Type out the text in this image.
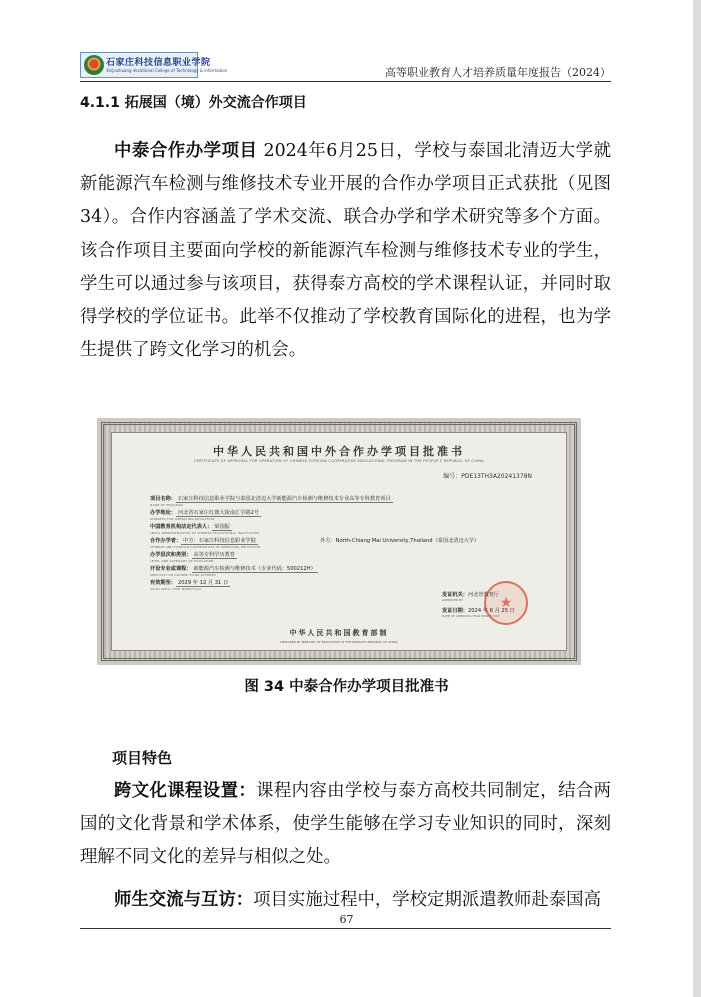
石家庄科技信息职业学院
Shijiazhuang Vocational College of Technology & Information	高等职业教育人才培养质量年度报告（2024）
4.1.1 拓展国（境）外交流合作项目
中泰合作办学项目 2024年6月25日，学校与泰国北清迈大学就新能源汽车检测与维修技术专业开展的合作办学项目正式获批（见图34）。合作内容涵盖了学术交流、联合办学和学术研究等多个方面。该合作项目主要面向学校的新能源汽车检测与维修技术专业的学生，学生可以通过参与该项目，获得泰方高校的学术课程认证，并同时取得学校的学位证书。此举不仅推动了学校教育国际化的进程，也为学生提供了跨文化学习的机会。
中华人民共和国中外合作办学项目批准书
CERTIFICATE OF APPROVAL FOR OPERATION OF CHINESE-FOREIGN COOPERATIVE EDUCATIONAL PROGRAM IN THE PEOPLE'S REPUBLIC OF CHINA
编号：PDE13TH3A20241378N
项目名称： 石家庄科技信息职业学院与泰国北清迈大学新能源汽车检测与维修技术专业高等专科教育项目
NAME OF PROGRAM
办学地址： 河北省石家庄红旗大街南汇学路2号
ADDRESS FOR OPERATING EDUCATION
中国教育机构法定代表人： 梁国振
LEGAL REPRESENTATIVE OF CHINESE EDUCATIONAL INSTITUTION
合作办学者： 中方：石家庄科技信息职业学院
CHINESE AND FOREIGN COOPERATORS IN OPERATING EDUCATION
外方：North-Chiang Mai University,Thailand（泰国北清迈大学）
办学层次和类别： 高等专科学历教育
LEVEL AND CATEGORY OF EDUCATION
开设专业或课程： 新能源汽车检测与维修技术（专业代码：500212H）
SPECIALTY OR COURSE TO BE OFFERED
有效期至： 2029 年 12 月 31 日
VALID UNTIL YEAR MONTH DAY
★
发证机关：河北省教育厅
APPROVED BY
发证日期：2024 年 6 月 25 日
DATE OF APPROVAL YEAR MONTH DAY
中华人民共和国教育部制
DESIGNED BY MINISTRY OF EDUCATION OF THE PEOPLE'S REPUBLIC OF CHINA
图 34 中泰合作办学项目批准书
项目特色
跨文化课程设置：课程内容由学校与泰方高校共同制定，结合两国的文化背景和学术体系，使学生能够在学习专业知识的同时，深刻理解不同文化的差异与相似之处。
师生交流与互访：项目实施过程中，学校定期派遣教师赴泰国高
67
